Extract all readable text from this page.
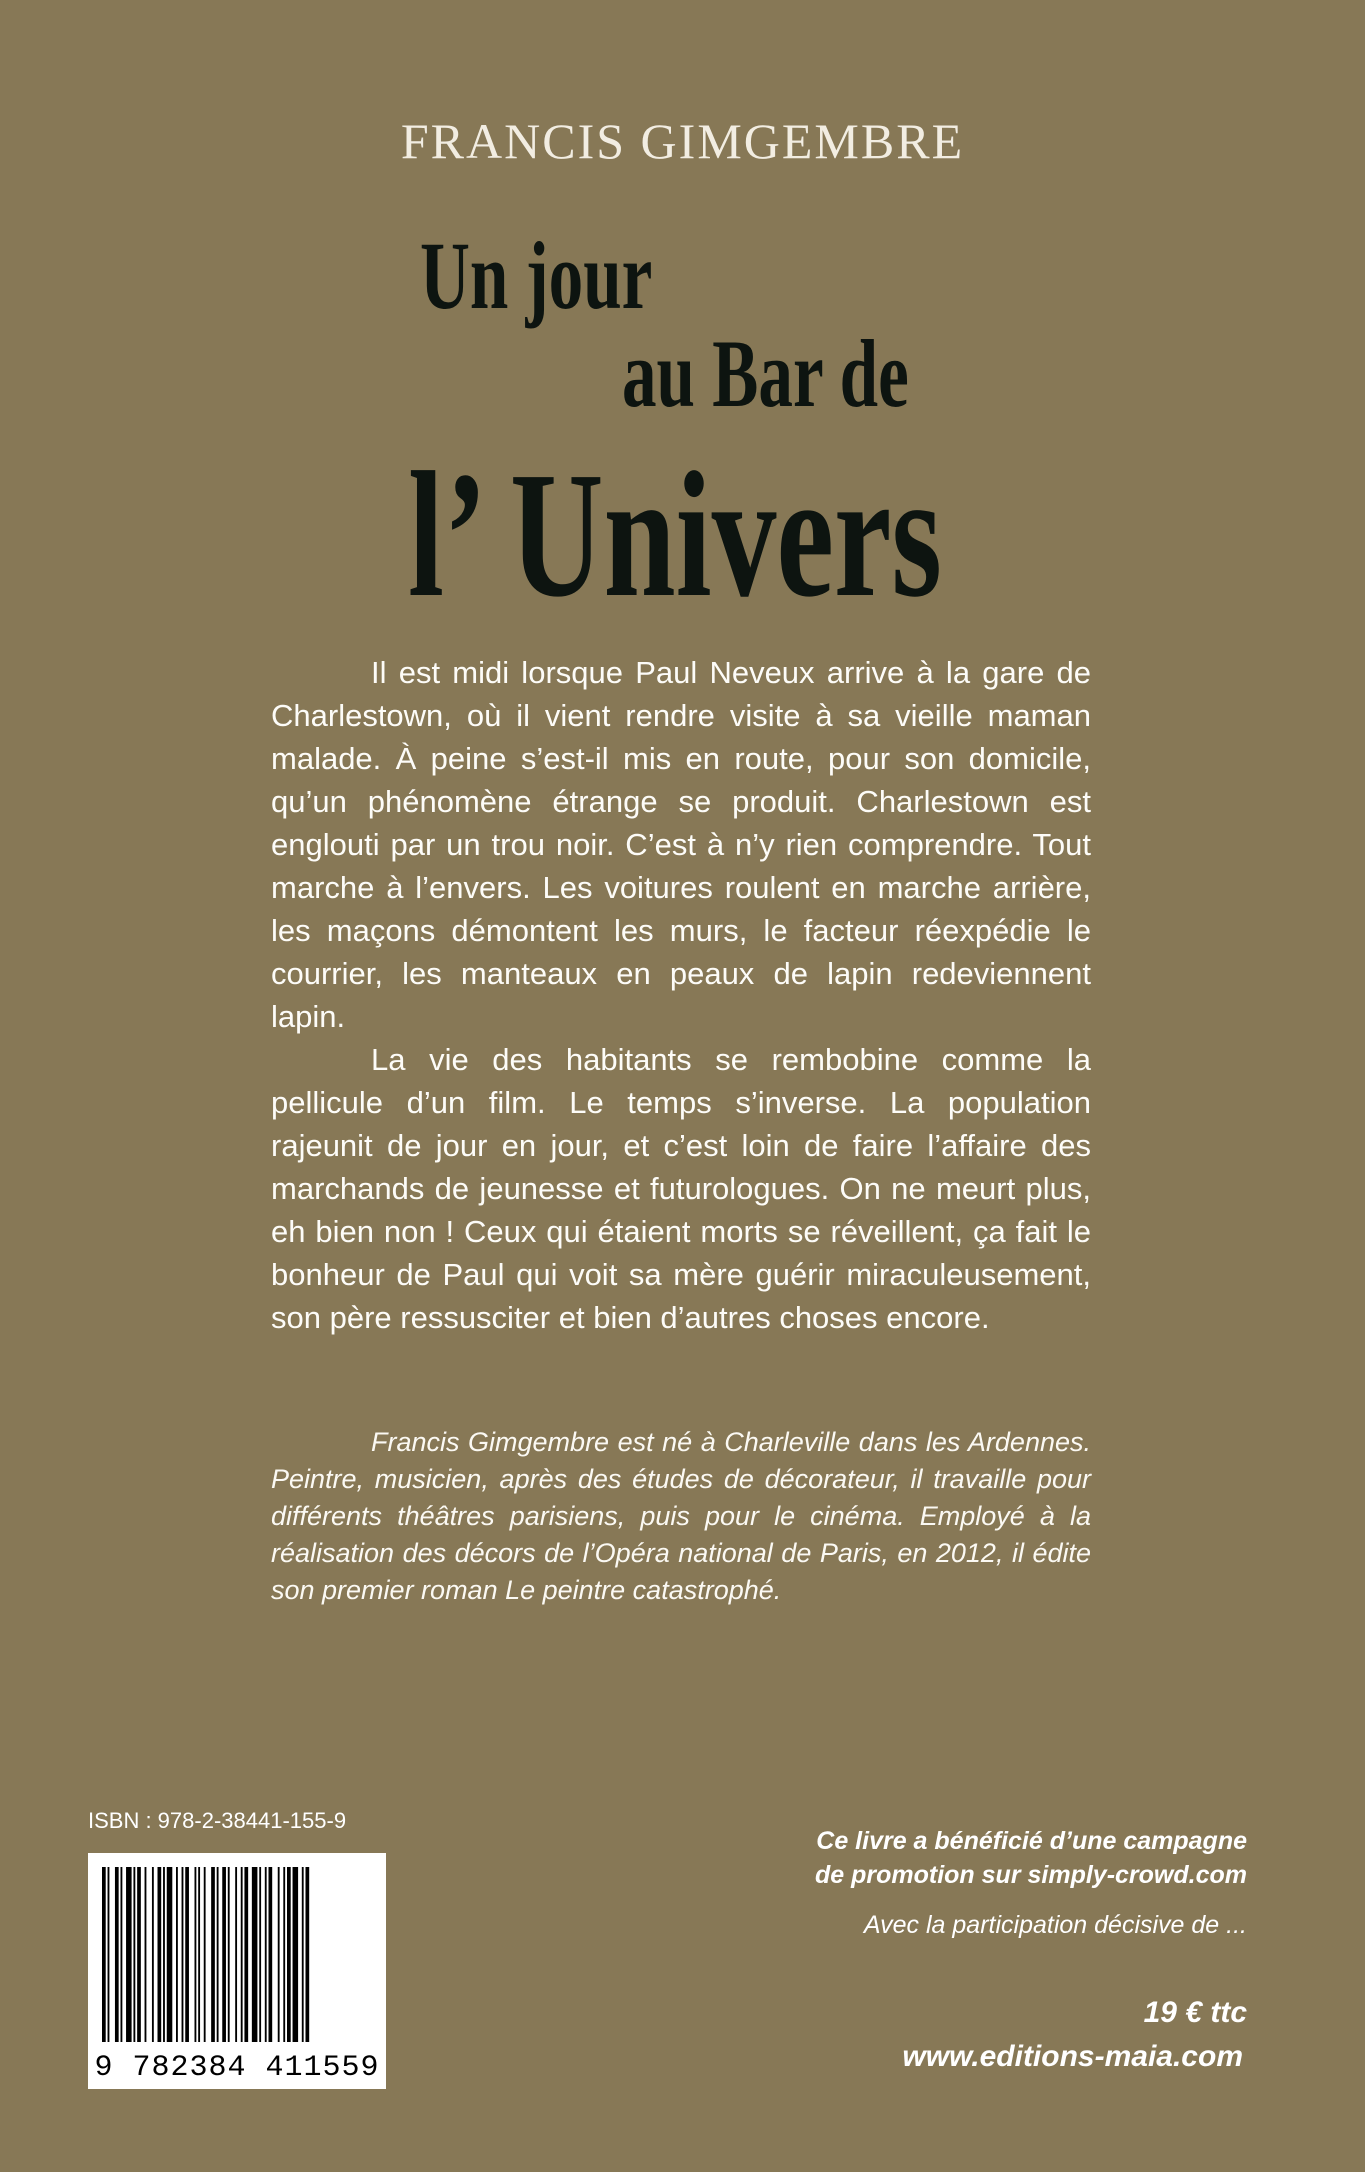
FRANCIS GIMGEMBRE
Un jour
au Bar de
l’ Univers

Il est midi lorsque Paul Neveux arrive à la gare de Charlestown, où il vient rendre visite à sa vieille maman malade. À peine s’est-il mis en route, pour son domicile, qu’un phénomène étrange se produit. Charlestown est englouti par un trou noir. C’est à n’y rien comprendre. Tout marche à l’envers. Les voitures roulent en marche arrière, les maçons démontent les murs, le facteur réexpédie le courrier, les manteaux en peaux de lapin redeviennent lapin.

La vie des habitants se rembobine comme la pellicule d’un film. Le temps s’inverse. La population rajeunit de jour en jour, et c’est loin de faire l’affaire des marchands de jeunesse et futurologues. On ne meurt plus, eh bien non ! Ceux qui étaient morts se réveillent, ça fait le bonheur de Paul qui voit sa mère guérir miraculeusement, son père ressusciter et bien d’autres choses encore.

Francis Gimgembre est né à Charleville dans les Ardennes. Peintre, musicien, après des études de décorateur, il travaille pour différents théâtres parisiens, puis pour le cinéma. Employé à la réalisation des décors de l’Opéra national de Paris, en 2012, il édite son premier roman Le peintre catastrophé.
ISBN : 978-2-38441-155-9
9 782384 411559
Ce livre a bénéficié d’une campagne
de promotion sur simply-crowd.com
Avec la participation décisive de ...
19 € ttc
www.editions-maia.com
